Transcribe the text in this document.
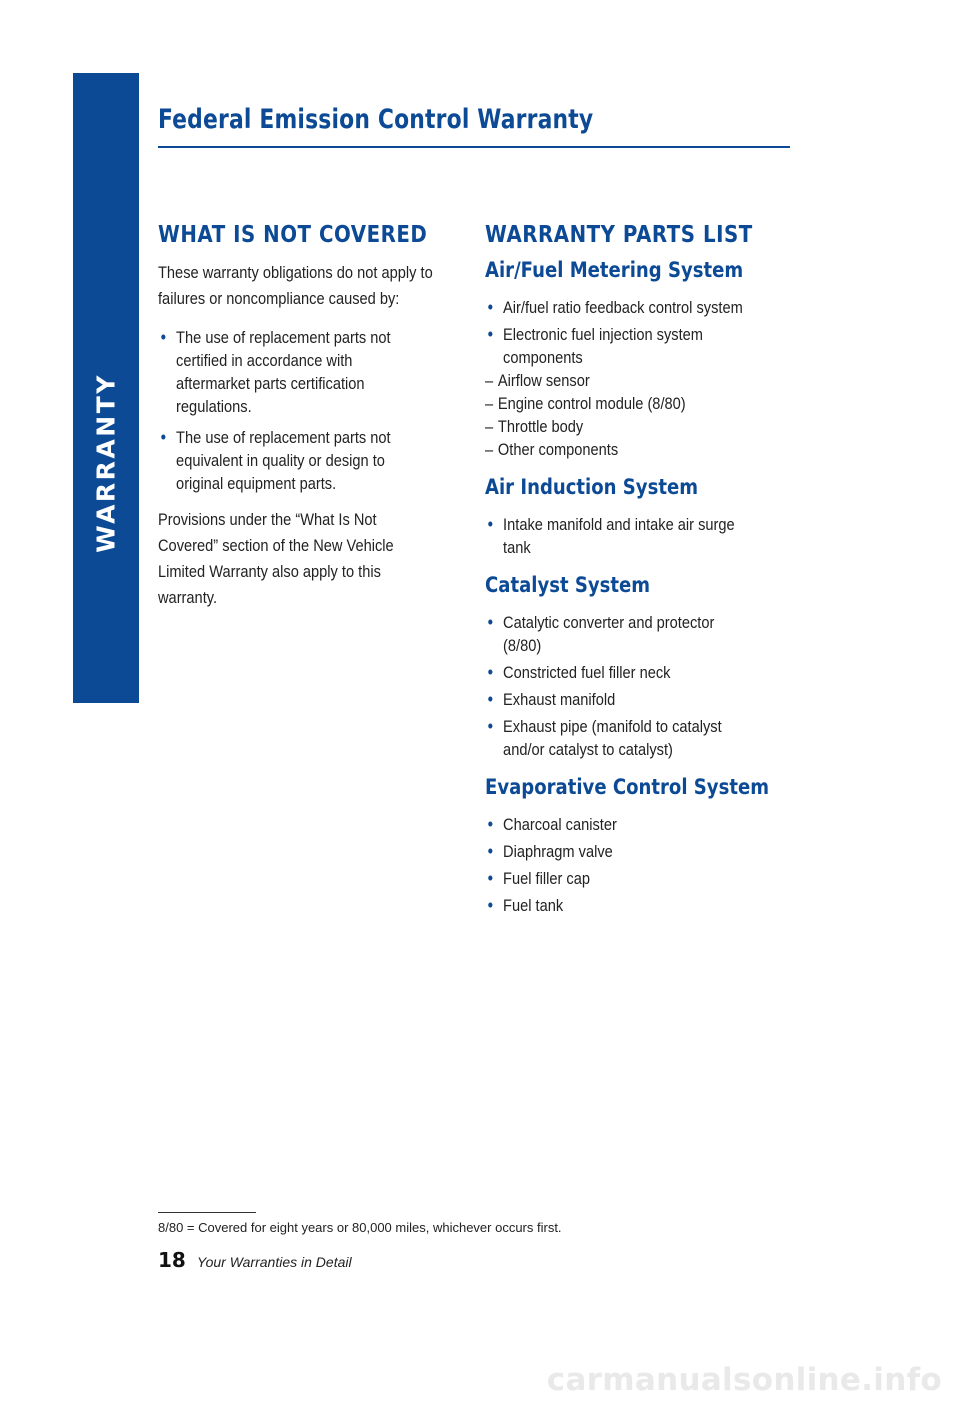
WARRANTY
Federal Emission Control Warranty
WHAT IS NOT COVERED

These warranty obligations do not apply to failures or noncompliance caused by:

• The use of replacement parts not certified in accordance with aftermarket parts certification regulations.
• The use of replacement parts not equivalent in quality or design to original equipment parts.

Provisions under the “What Is Not Covered” section of the New Vehicle Limited Warranty also apply to this warranty.

WARRANTY PARTS LIST
Air/Fuel Metering System
• Air/fuel ratio feedback control system
• Electronic fuel injection system components
– Airflow sensor
– Engine control module (8/80)
– Throttle body
– Other components
Air Induction System
• Intake manifold and intake air surge tank
Catalyst System
• Catalytic converter and protector (8/80)
• Constricted fuel filler neck
• Exhaust manifold
• Exhaust pipe (manifold to catalyst and/or catalyst to catalyst)
Evaporative Control System
• Charcoal canister
• Diaphragm valve
• Fuel filler cap
• Fuel tank

8/80 = Covered for eight years or 80,000 miles, whichever occurs first.

18 Your Warranties in Detail

carmanualsonline.info
